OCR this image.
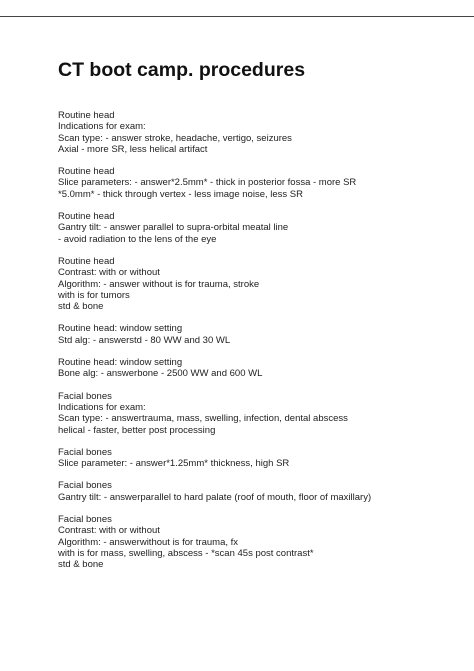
CT boot camp. procedures
Routine head
Indications for exam:
Scan type: - answer stroke, headache, vertigo, seizures
Axial - more SR, less helical artifact
Routine head
Slice parameters: - answer*2.5mm* - thick in posterior fossa - more SR
*5.0mm* - thick through vertex - less image noise, less SR
Routine head
Gantry tilt: - answer parallel to supra-orbital meatal line
- avoid radiation to the lens of the eye
Routine head
Contrast: with or without
Algorithm: - answer without is for trauma, stroke
with is for tumors
std & bone
Routine head: window setting
Std alg: - answerstd - 80 WW and 30 WL
Routine head: window setting
Bone alg: - answerbone - 2500 WW and 600 WL
Facial bones
Indications for exam:
Scan type: - answertrauma, mass, swelling, infection, dental abscess
helical - faster, better post processing
Facial bones
Slice parameter: - answer*1.25mm* thickness, high SR
Facial bones
Gantry tilt: - answerparallel to hard palate (roof of mouth, floor of maxillary)
Facial bones
Contrast: with or without
Algorithm: - answerwithout is for trauma, fx
with is for mass, swelling, abscess - *scan 45s post contrast*
std & bone
